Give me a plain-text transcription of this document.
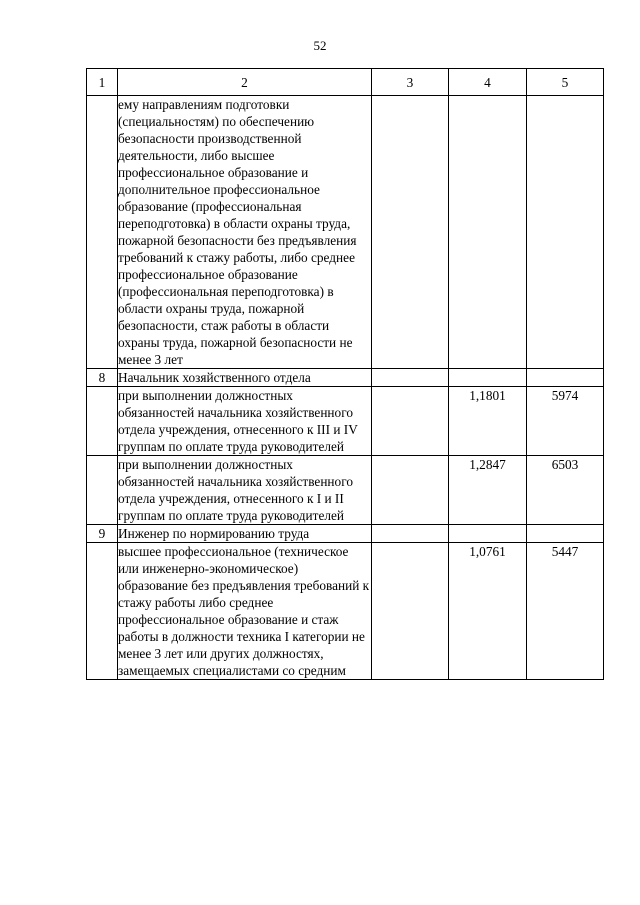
52
1	2	3	4	5
	ему направлениям подготовки (специальностям) по обеспечению безопасности производственной деятельности, либо высшее профессиональное образование и дополнительное профессиональное образование (профессиональная переподготовка) в области охраны труда, пожарной безопасности без предъявления требований к стажу работы, либо среднее профессиональное образование (профессиональная переподготовка) в области охраны труда, пожарной безопасности, стаж работы в области охраны труда, пожарной безопасности не менее 3 лет			
8	Начальник хозяйственного отдела			
	при выполнении должностных обязанностей начальника хозяйственного отдела учреждения, отнесенного к III и IV группам по оплате труда руководителей		1,1801	5974
	при выполнении должностных обязанностей начальника хозяйственного отдела учреждения, отнесенного к I и II группам по оплате труда руководителей		1,2847	6503
9	Инженер по нормированию труда			
	высшее профессиональное (техническое или инженерно-экономическое) образование без предъявления требований к стажу работы либо среднее профессиональное образование и стаж работы в должности техника I категории не менее 3 лет или других должностях, замещаемых специалистами со средним		1,0761	5447
